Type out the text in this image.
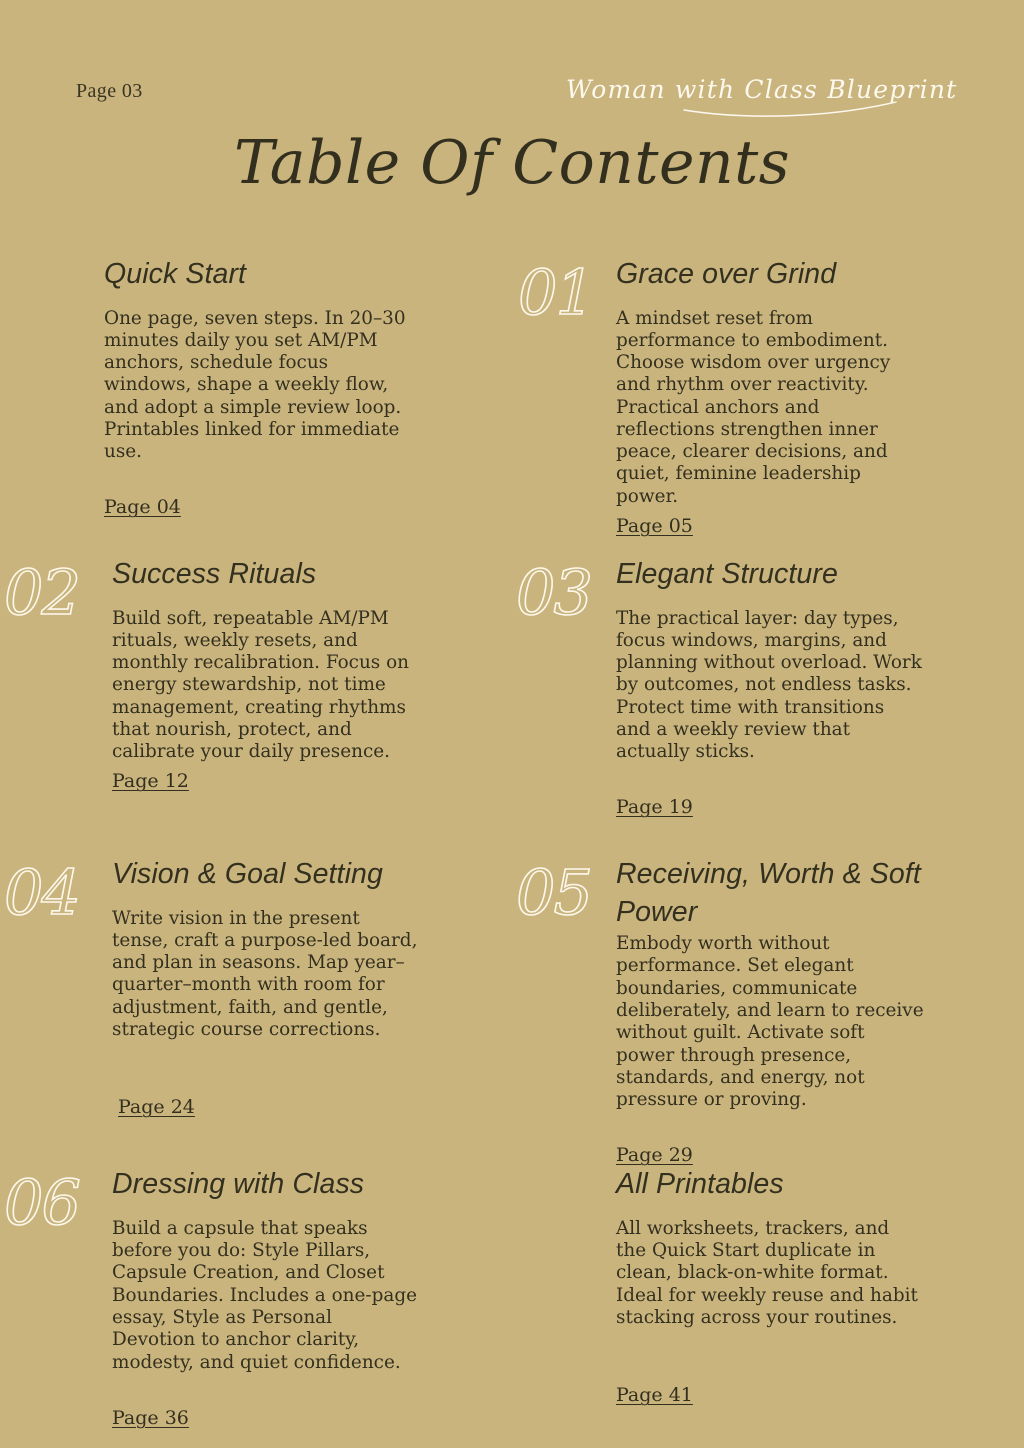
Page 03	Woman with Class Blueprint
Table Of Contents
Quick Start
One page, seven steps. In 20–30 minutes daily you set AM/PM anchors, schedule focus windows, shape a weekly flow, and adopt a simple review loop. Printables linked for immediate use.
Page 04
01 Grace over Grind
A mindset reset from performance to embodiment. Choose wisdom over urgency and rhythm over reactivity. Practical anchors and reflections strengthen inner peace, clearer decisions, and quiet, feminine leadership power.
Page 05
02 Success Rituals
Build soft, repeatable AM/PM rituals, weekly resets, and monthly recalibration. Focus on energy stewardship, not time management, creating rhythms that nourish, protect, and calibrate your daily presence.
Page 12
03 Elegant Structure
The practical layer: day types, focus windows, margins, and planning without overload. Work by outcomes, not endless tasks. Protect time with transitions and a weekly review that actually sticks.
Page 19
04 Vision & Goal Setting
Write vision in the present tense, craft a purpose-led board, and plan in seasons. Map year–quarter–month with room for adjustment, faith, and gentle, strategic course corrections.
Page 24
05 Receiving, Worth & Soft Power
Embody worth without performance. Set elegant boundaries, communicate deliberately, and learn to receive without guilt. Activate soft power through presence, standards, and energy, not pressure or proving.
Page 29
06 Dressing with Class
Build a capsule that speaks before you do: Style Pillars, Capsule Creation, and Closet Boundaries. Includes a one-page essay, Style as Personal Devotion to anchor clarity, modesty, and quiet confidence.
Page 36
All Printables
All worksheets, trackers, and the Quick Start duplicate in clean, black-on-white format. Ideal for weekly reuse and habit stacking across your routines.
Page 41
